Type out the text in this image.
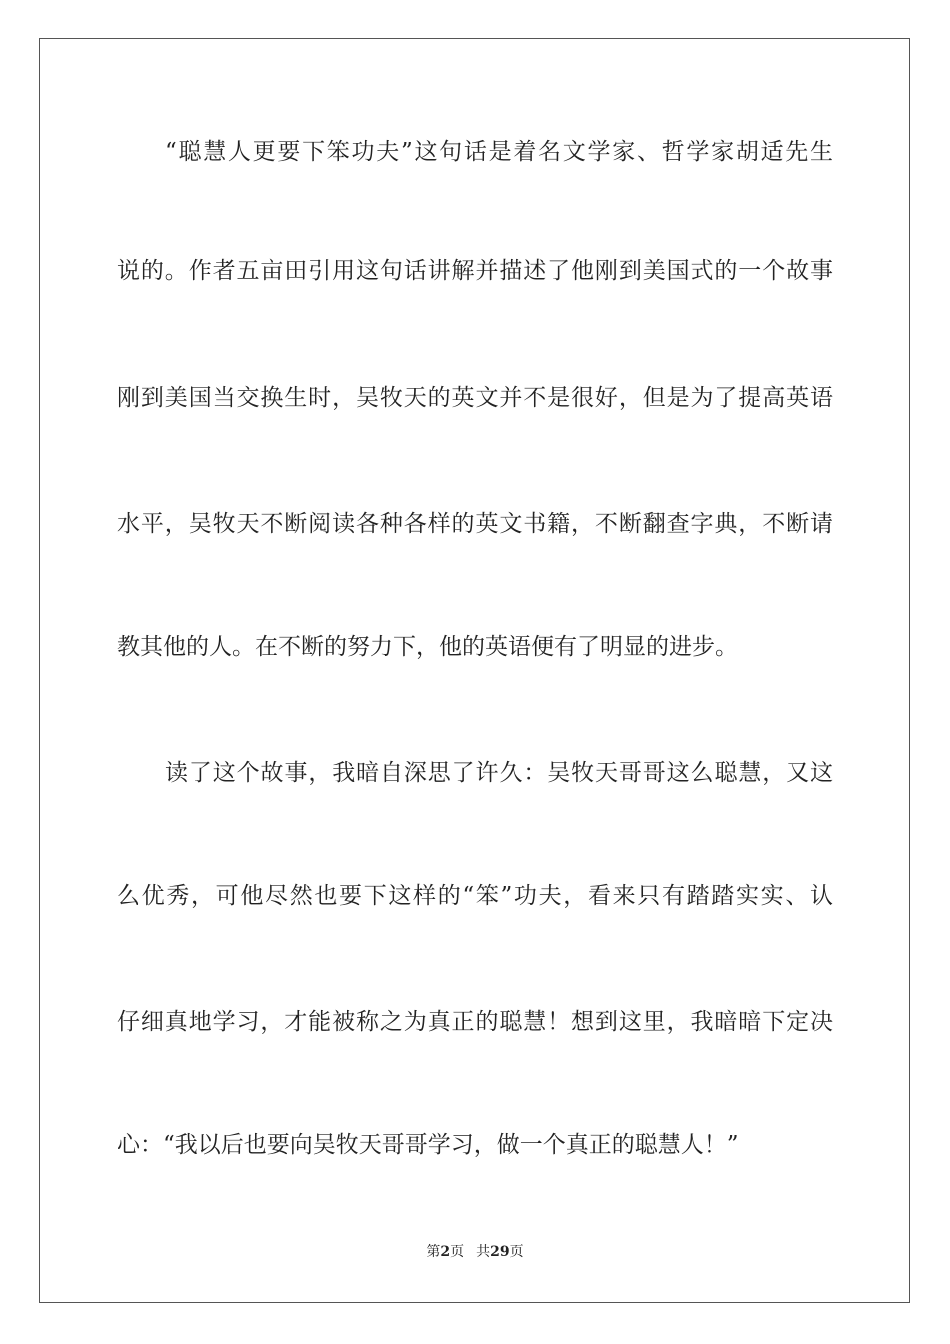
“聪慧人更要下笨功夫”这句话是着名文学家、哲学家胡适先生
说的。作者五亩田引用这句话讲解并描述了他刚到美国式的一个故事
刚到美国当交换生时，吴牧天的英文并不是很好，但是为了提高英语
水平，吴牧天不断阅读各种各样的英文书籍，不断翻查字典，不断请
教其他的人。在不断的努力下，他的英语便有了明显的进步。
读了这个故事，我暗自深思了许久：吴牧天哥哥这么聪慧，又这
么优秀，可他尽然也要下这样的“笨”功夫，看来只有踏踏实实、认
仔细真地学习，才能被称之为真正的聪慧！想到这里，我暗暗下定决
心：“我以后也要向吴牧天哥哥学习，做一个真正的聪慧人！”
第2页 共29页
